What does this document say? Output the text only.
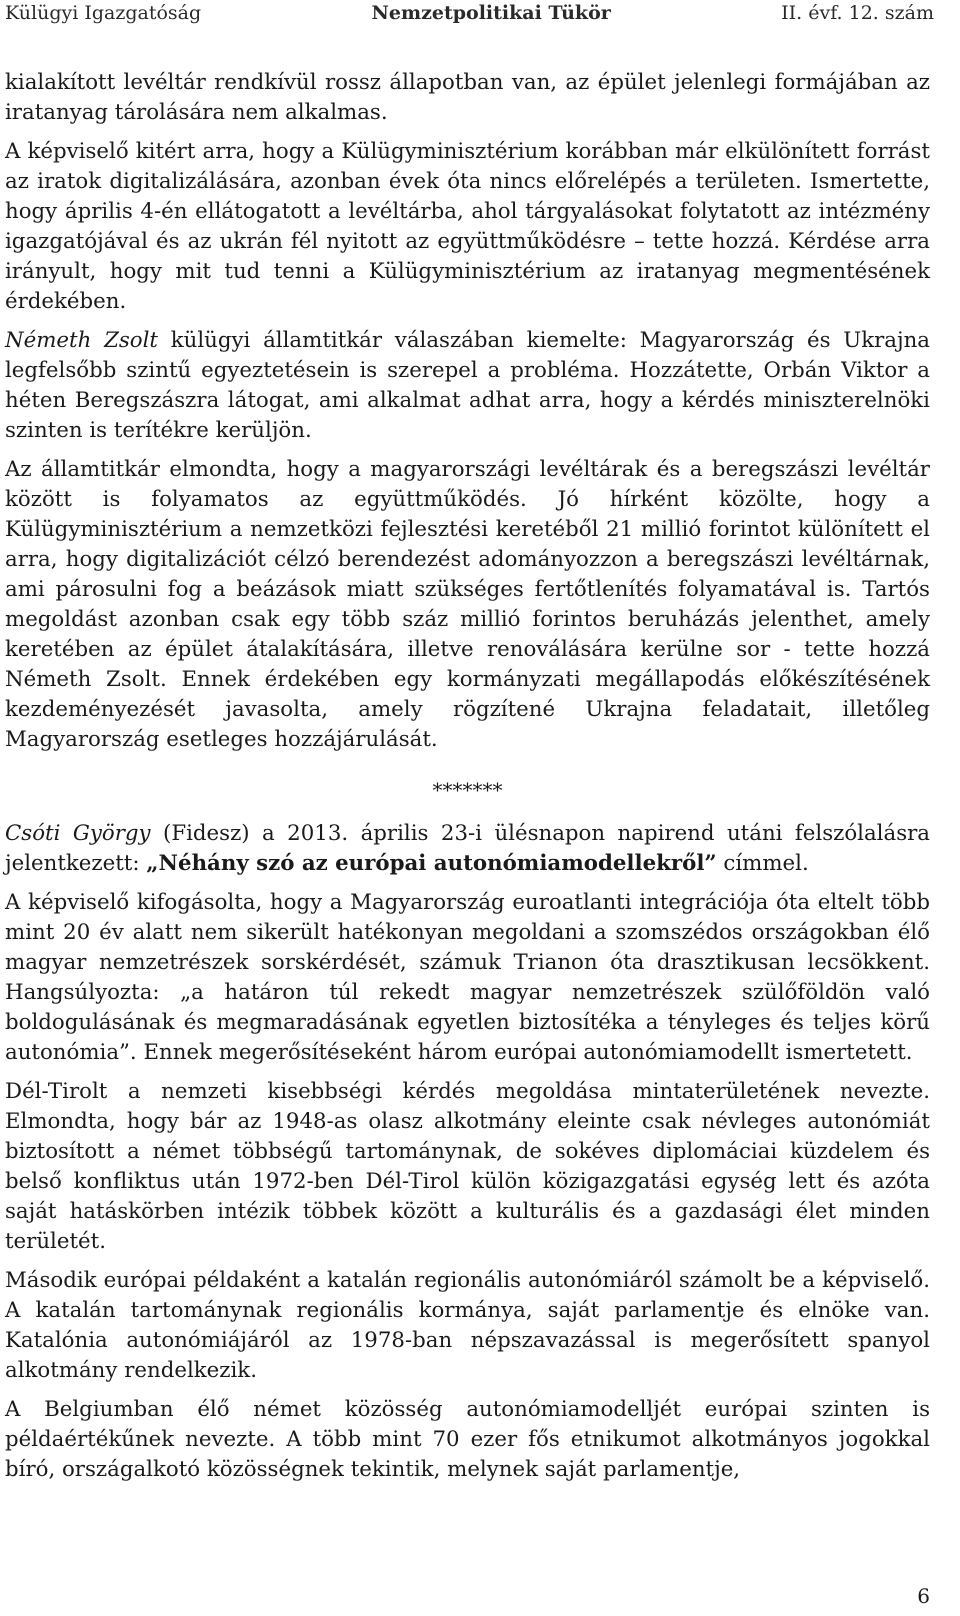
Külügyi Igazgatóság	Nemzetpolitikai Tükör	II. évf. 12. szám

kialakított levéltár rendkívül rossz állapotban van, az épület jelenlegi formájában az iratanyag tárolására nem alkalmas.

A képviselő kitért arra, hogy a Külügyminisztérium korábban már elkülönített forrást az iratok digitalizálására, azonban évek óta nincs előrelépés a területen. Ismertette, hogy április 4-én ellátogatott a levéltárba, ahol tárgyalásokat folytatott az intézmény igazgatójával és az ukrán fél nyitott az együttműködésre – tette hozzá. Kérdése arra irányult, hogy mit tud tenni a Külügyminisztérium az iratanyag megmentésének érdekében.

Németh Zsolt külügyi államtitkár válaszában kiemelte: Magyarország és Ukrajna legfelsőbb szintű egyeztetésein is szerepel a probléma. Hozzátette, Orbán Viktor a héten Beregszászra látogat, ami alkalmat adhat arra, hogy a kérdés miniszterelnöki szinten is terítékre kerüljön.

Az államtitkár elmondta, hogy a magyarországi levéltárak és a beregszászi levéltár között is folyamatos az együttműködés. Jó hírként közölte, hogy a Külügyminisztérium a nemzetközi fejlesztési keretéből 21 millió forintot különített el arra, hogy digitalizációt célzó berendezést adományozzon a beregszászi levéltárnak, ami párosulni fog a beázások miatt szükséges fertőtlenítés folyamatával is. Tartós megoldást azonban csak egy több száz millió forintos beruházás jelenthet, amely keretében az épület átalakítására, illetve renoválására kerülne sor - tette hozzá Németh Zsolt. Ennek érdekében egy kormányzati megállapodás előkészítésének kezdeményezését javasolta, amely rögzítené Ukrajna feladatait, illetőleg Magyarország esetleges hozzájárulását.

*******

Csóti György (Fidesz) a 2013. április 23-i ülésnapon napirend utáni felszólalásra jelentkezett: „Néhány szó az európai autonómiamodellekről” címmel.

A képviselő kifogásolta, hogy a Magyarország euroatlanti integrációja óta eltelt több mint 20 év alatt nem sikerült hatékonyan megoldani a szomszédos országokban élő magyar nemzetrészek sorskérdését, számuk Trianon óta drasztikusan lecsökkent. Hangsúlyozta: „a határon túl rekedt magyar nemzetrészek szülőföldön való boldogulásának és megmaradásának egyetlen biztosítéka a tényleges és teljes körű autonómia”. Ennek megerősítéseként három európai autonómiamodellt ismertetett.

Dél-Tirolt a nemzeti kisebbségi kérdés megoldása mintaterületének nevezte. Elmondta, hogy bár az 1948-as olasz alkotmány eleinte csak névleges autonómiát biztosított a német többségű tartománynak, de sokéves diplomáciai küzdelem és belső konfliktus után 1972-ben Dél-Tirol külön közigazgatási egység lett és azóta saját hatáskörben intézik többek között a kulturális és a gazdasági élet minden területét.

Második európai példaként a katalán regionális autonómiáról számolt be a képviselő. A katalán tartománynak regionális kormánya, saját parlamentje és elnöke van. Katalónia autonómiájáról az 1978-ban népszavazással is megerősített spanyol alkotmány rendelkezik.

A Belgiumban élő német közösség autonómiamodelljét európai szinten is példaértékűnek nevezte. A több mint 70 ezer fős etnikumot alkotmányos jogokkal bíró, országalkotó közösségnek tekintik, melynek saját parlamentje,

6
